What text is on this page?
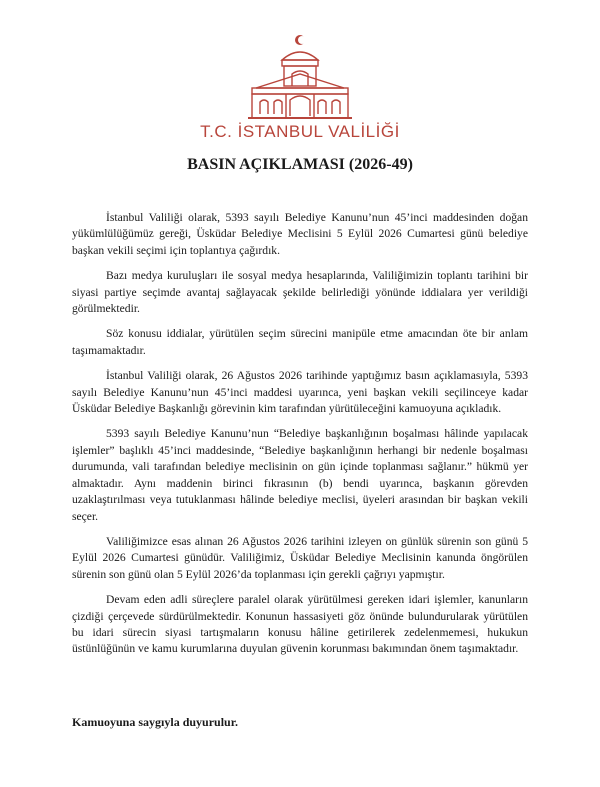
T.C. İSTANBUL VALİLİĞİ
BASIN AÇIKLAMASI (2026-49)

İstanbul Valiliği olarak, 5393 sayılı Belediye Kanunu’nun 45’inci maddesinden doğan yükümlülüğümüz gereği, Üsküdar Belediye Meclisini 5 Eylül 2026 Cumartesi günü belediye başkan vekili seçimi için toplantıya çağırdık.

Bazı medya kuruluşları ile sosyal medya hesaplarında, Valiliğimizin toplantı tarihini bir siyasi partiye seçimde avantaj sağlayacak şekilde belirlediği yönünde iddialara yer verildiği görülmektedir.

Söz konusu iddialar, yürütülen seçim sürecini manipüle etme amacından öte bir anlam taşımamaktadır.

İstanbul Valiliği olarak, 26 Ağustos 2026 tarihinde yaptığımız basın açıklamasıyla, 5393 sayılı Belediye Kanunu’nun 45’inci maddesi uyarınca, yeni başkan vekili seçilinceye kadar Üsküdar Belediye Başkanlığı görevinin kim tarafından yürütüleceğini kamuoyuna açıkladık.

5393 sayılı Belediye Kanunu’nun “Belediye başkanlığının boşalması hâlinde yapılacak işlemler” başlıklı 45’inci maddesinde, “Belediye başkanlığının herhangi bir nedenle boşalması durumunda, vali tarafından belediye meclisinin on gün içinde toplanması sağlanır.” hükmü yer almaktadır. Aynı maddenin birinci fıkrasının (b) bendi uyarınca, başkanın görevden uzaklaştırılması veya tutuklanması hâlinde belediye meclisi, üyeleri arasından bir başkan vekili seçer.

Valiliğimizce esas alınan 26 Ağustos 2026 tarihini izleyen on günlük sürenin son günü 5 Eylül 2026 Cumartesi günüdür. Valiliğimiz, Üsküdar Belediye Meclisinin kanunda öngörülen sürenin son günü olan 5 Eylül 2026’da toplanması için gerekli çağrıyı yapmıştır.

Devam eden adli süreçlere paralel olarak yürütülmesi gereken idari işlemler, kanunların çizdiği çerçevede sürdürülmektedir. Konunun hassasiyeti göz önünde bulundurularak yürütülen bu idari sürecin siyasi tartışmaların konusu hâline getirilerek zedelenmemesi, hukukun üstünlüğünün ve kamu kurumlarına duyulan güvenin korunması bakımından önem taşımaktadır.

Kamuoyuna saygıyla duyurulur.
